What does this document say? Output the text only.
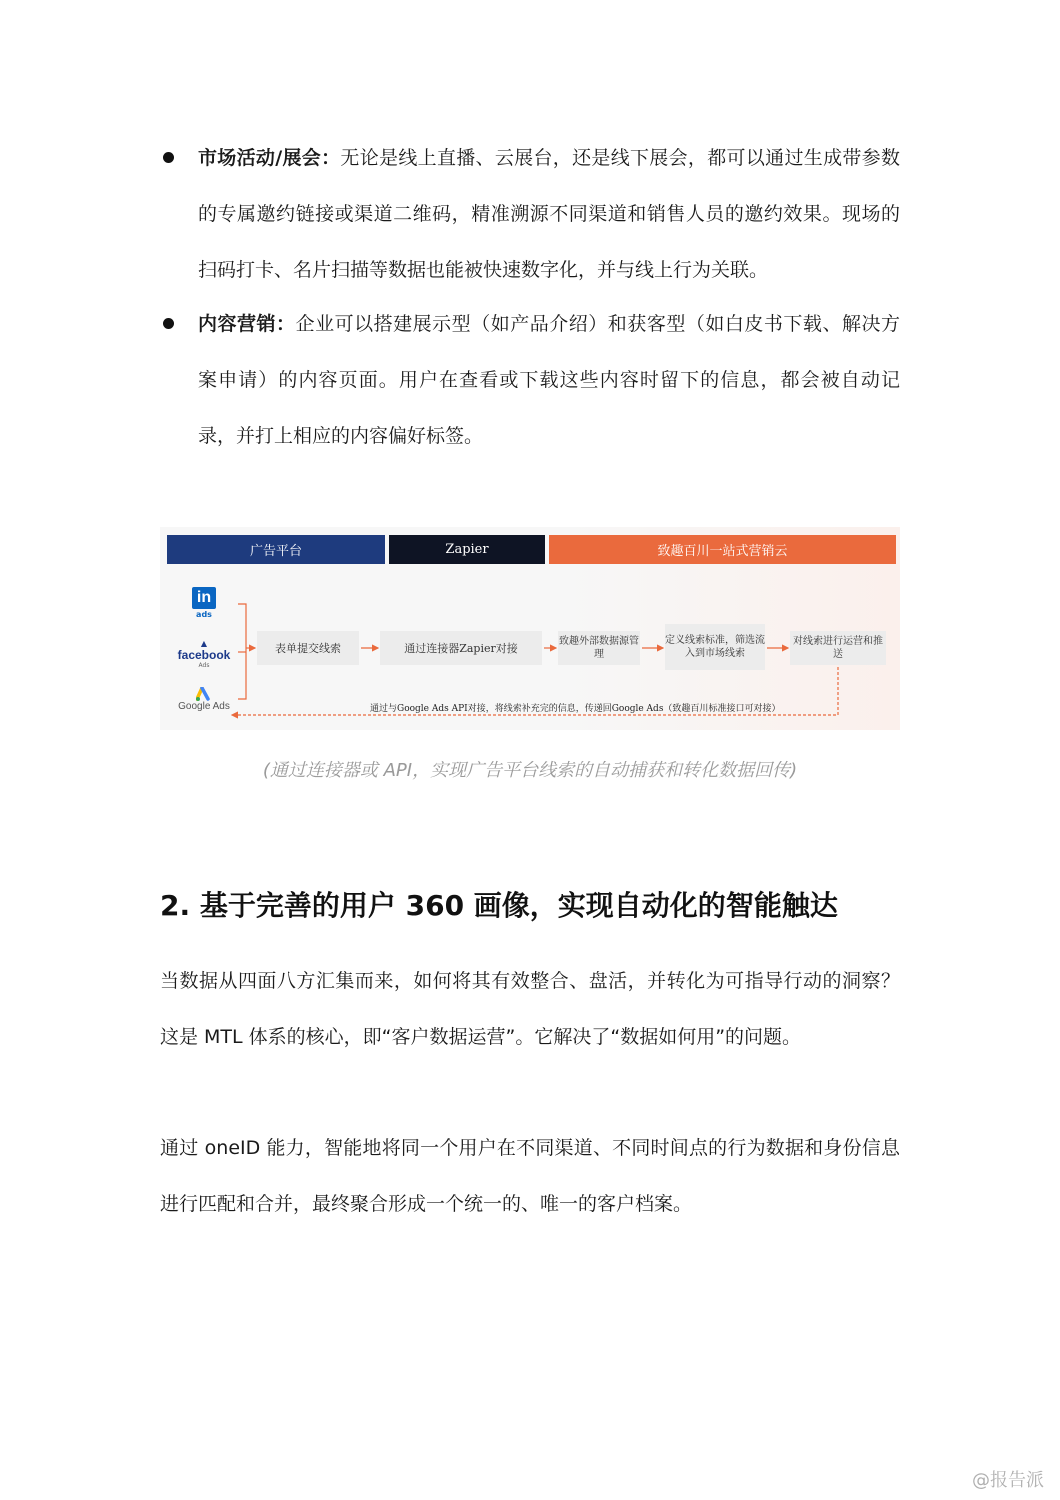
市场活动/展会：无论是线上直播、云展台，还是线下展会，都可以通过生成带参数的专属邀约链接或渠道二维码，精准溯源不同渠道和销售人员的邀约效果。现场的扫码打卡、名片扫描等数据也能被快速数字化，并与线上行为关联。
内容营销：企业可以搭建展示型（如产品介绍）和获客型（如白皮书下载、解决方案申请）的内容页面。用户在查看或下载这些内容时留下的信息，都会被自动记录，并打上相应的内容偏好标签。
广告平台	Zapier	致趣百川一站式营销云
in
ads
▲
facebook
Ads
Google Ads
表单提交线索	通过连接器Zapier对接	致趣外部数据源管理
定义线索标准，筛选流入到市场线索
对线索进行运营和推送
通过与Google Ads API对接，将线索补充完的信息，传递回Google Ads（致趣百川标准接口可对接）
(通过连接器或 API，实现广告平台线索的自动捕获和转化数据回传)
2. 基于完善的用户 360 画像，实现自动化的智能触达
当数据从四面八方汇集而来，如何将其有效整合、盘活，并转化为可指导行动的洞察？这是 MTL 体系的核心，即“客户数据运营”。它解决了“数据如何用”的问题。
通过 oneID 能力，智能地将同一个用户在不同渠道、不同时间点的行为数据和身份信息进行匹配和合并，最终聚合形成一个统一的、唯一的客户档案。
@报告派
